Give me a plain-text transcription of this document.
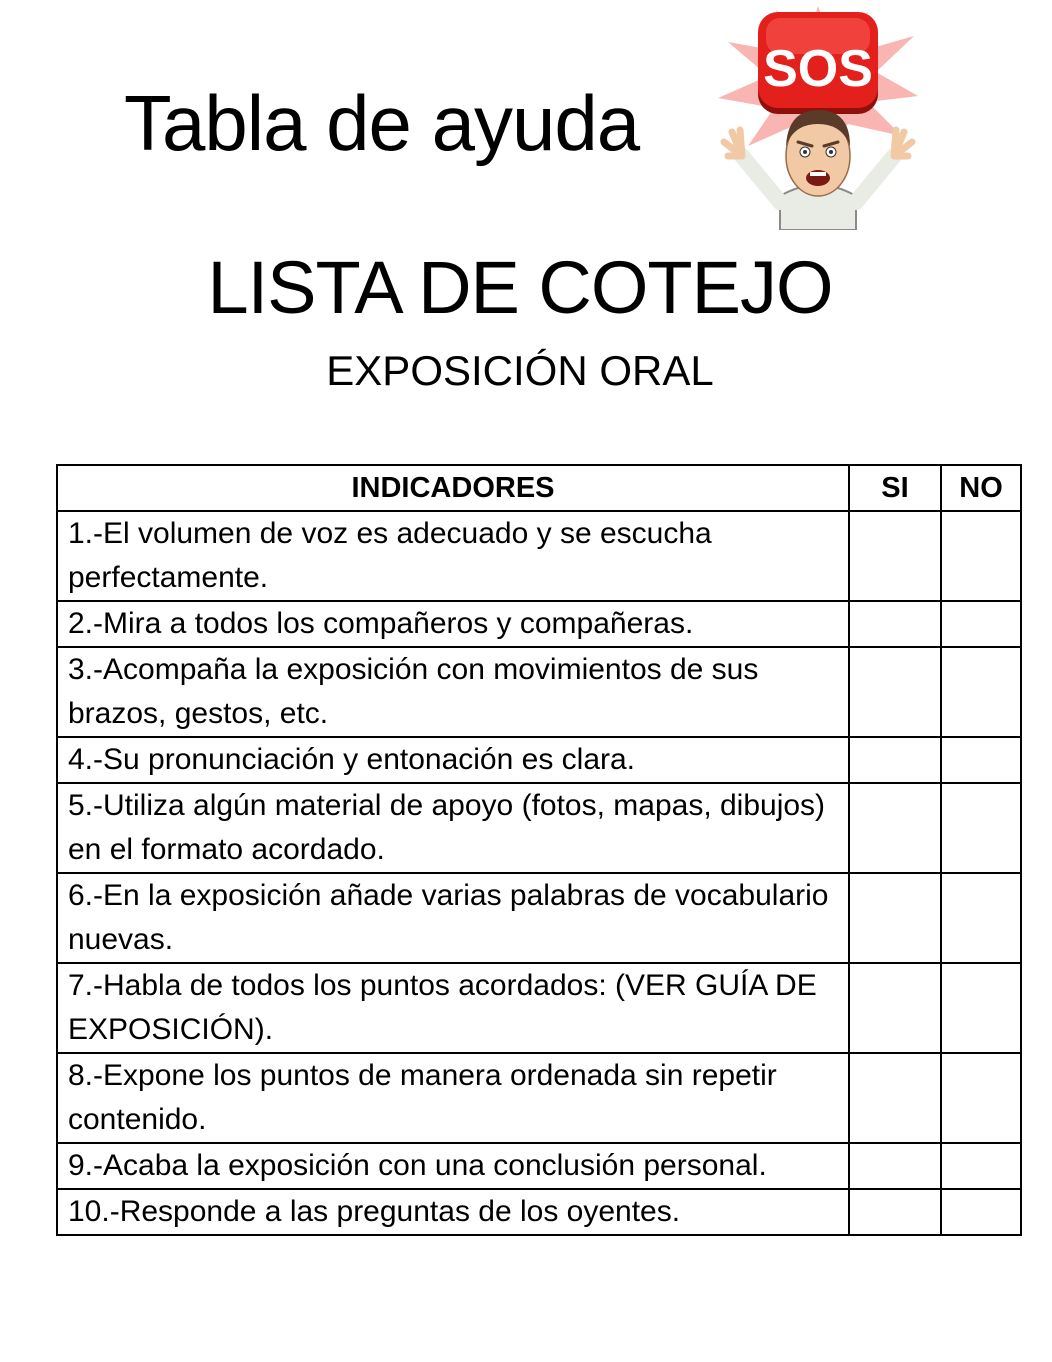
Tabla de ayuda
SOS
LISTA DE COTEJO
EXPOSICIÓN ORAL
INDICADORES	SI	NO
1.-El volumen de voz es adecuado y se escucha perfectamente.		
2.-Mira a todos los compañeros y compañeras.		
3.-Acompaña la exposición con movimientos de sus brazos, gestos, etc.		
4.-Su pronunciación y entonación es clara.		
5.-Utiliza algún material de apoyo (fotos, mapas, dibujos) en el formato acordado.		
6.-En la exposición añade varias palabras de vocabulario nuevas.		
7.-Habla de todos los puntos acordados: (VER GUÍA DE EXPOSICIÓN).		
8.-Expone los puntos de manera ordenada sin repetir contenido.		
9.-Acaba la exposición con una conclusión personal.		
10.-Responde a las preguntas de los oyentes.		
